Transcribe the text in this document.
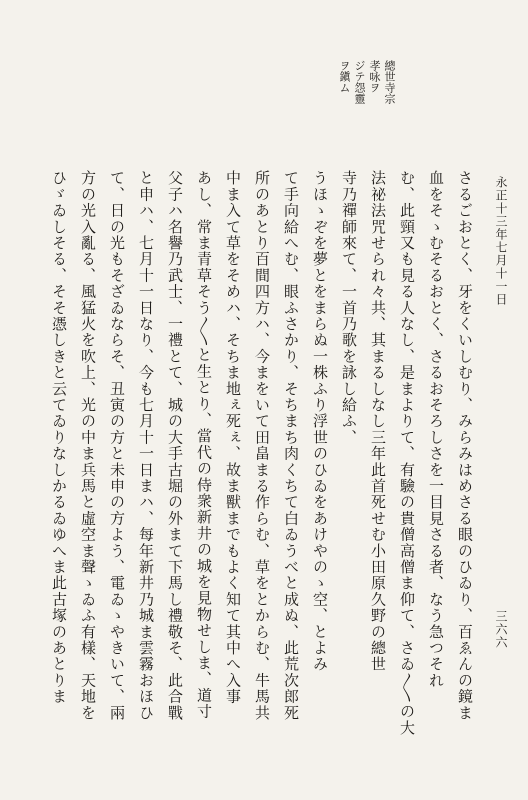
總世寺宗
孝咏ヲ
ジテ怨靈
ヲ鎭ム
永正十三年七月十一日
三六六
さるごおとく、牙をくいしむり、みらみはめさる眼のひゐり、百ゑんの鏡ま
血をそゝむそるおとく、さるおそろしさを一目見さる者、なう急つそれ
む、此頸又も見る人なし、是まよりて、有驗の貴僧高僧ま仰て、さゐ〳〵の大
法祕法咒せられ々共、其まるしなし三年此首死せむ小田原久野の總世
寺乃禪師來て、一首乃歌を詠し給ふ、
うほゝぞを夢とをまらぬ一株ふり浮世のひゐをあけやのゝ空、とよみ
て手向給へむ、眼ふさかり、そちまち肉くちて白ゐうべと成ぬ、此荒次郎死
所のあとり百間四方ハ、今まをいて田畠まる作らむ、草をとからむ、牛馬共
中ま入て草をそめハ、そちま地ぇ死ぇ、故ま獸までもよく知て其中へ入事
あし、常ま青草そう〳〵と生とり、當代の侍衆新井の城を見物せしま、道寸
父子ハ名譽乃武士、一禮とて、城の大手古堀の外まて下馬し禮敬そ、此合戰
と申ハ、七月十一日なり、今も七月十一日まハ、每年新井乃城ま雲霧おほひ
て、日の光もそざゐならそ、丑寅の方と未申の方よう、電ゐゝやきいて、兩
方の光入亂る、風猛火を吹上、光の中ま兵馬と虛空ま聲ゝゐふ有樣、天地を
ひゞゐしそる、そそ憑しきと云てゐりなしかるゐゆへま此古塚のあとりま
